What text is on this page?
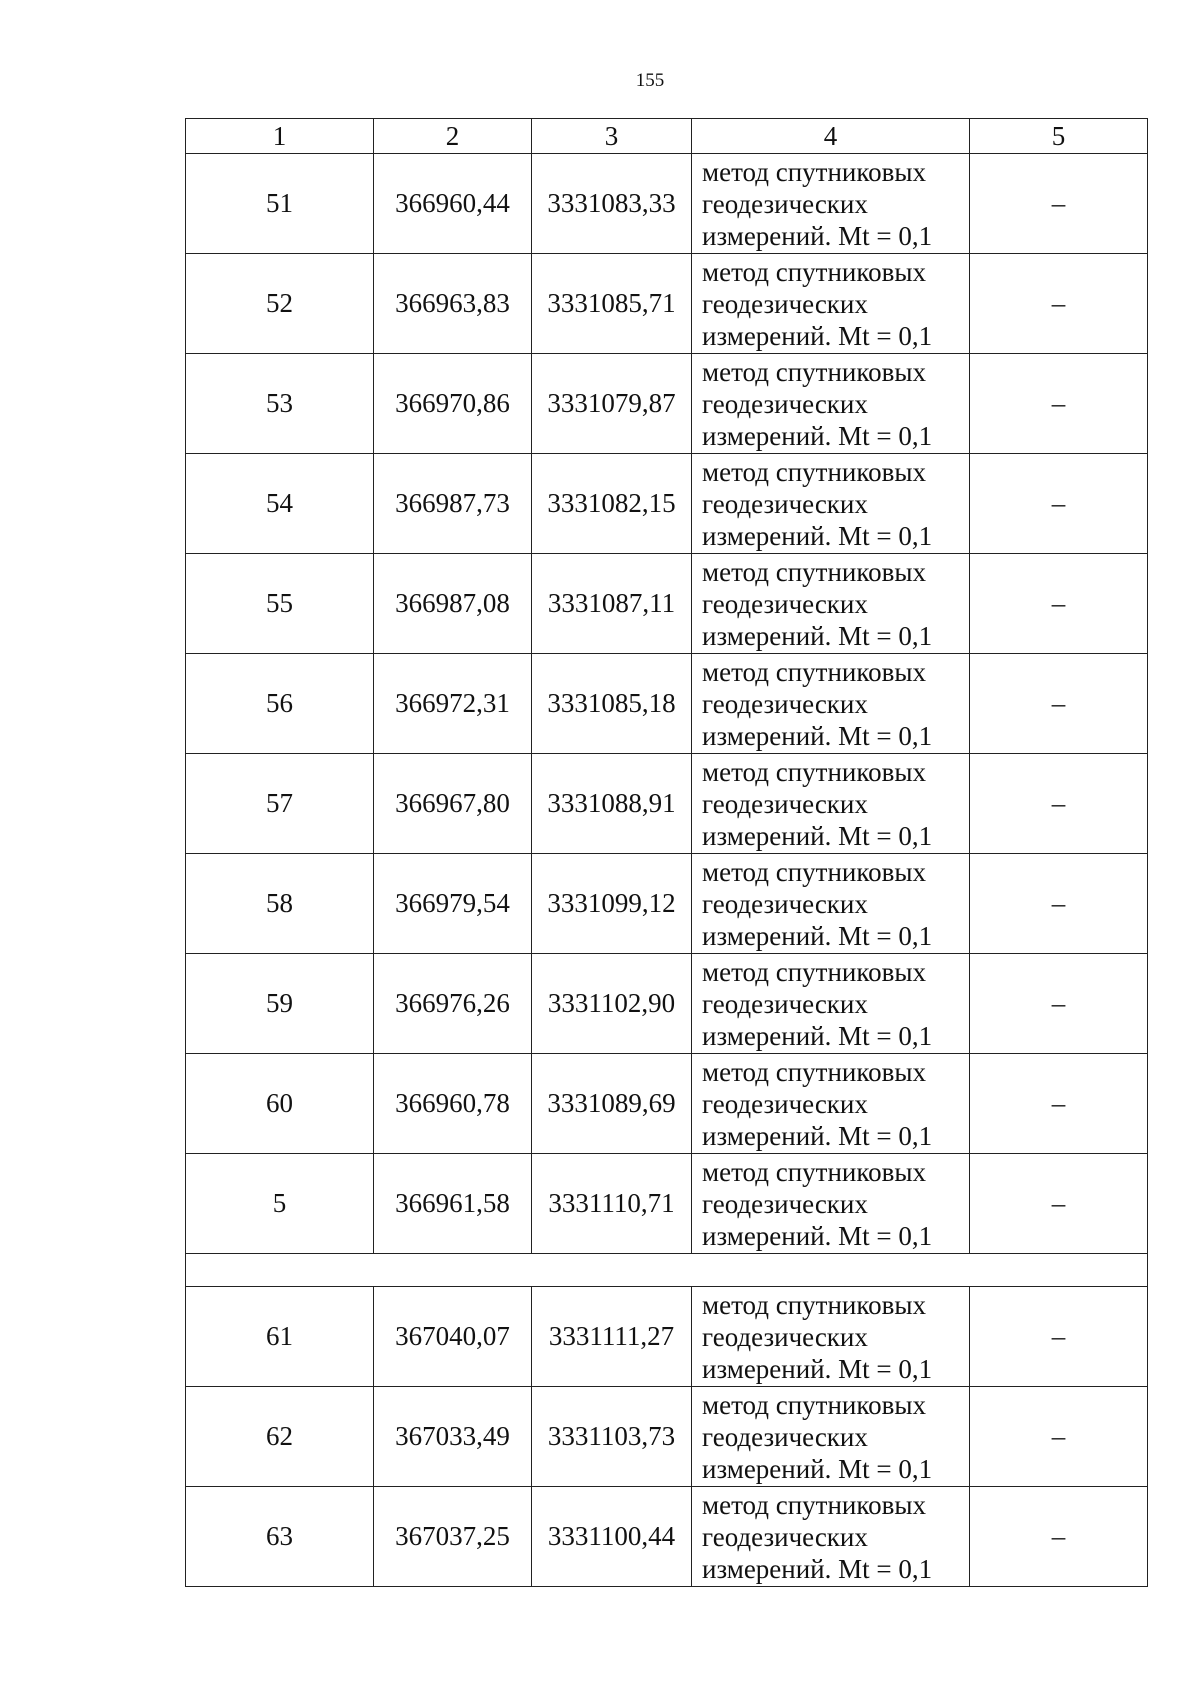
155
1	2	3	4	5
51	366960,44	3331083,33	метод спутниковых
геодезических
измерений. Mt = 0,1	–
52	366963,83	3331085,71	метод спутниковых
геодезических
измерений. Mt = 0,1	–
53	366970,86	3331079,87	метод спутниковых
геодезических
измерений. Mt = 0,1	–
54	366987,73	3331082,15	метод спутниковых
геодезических
измерений. Mt = 0,1	–
55	366987,08	3331087,11	метод спутниковых
геодезических
измерений. Mt = 0,1	–
56	366972,31	3331085,18	метод спутниковых
геодезических
измерений. Mt = 0,1	–
57	366967,80	3331088,91	метод спутниковых
геодезических
измерений. Mt = 0,1	–
58	366979,54	3331099,12	метод спутниковых
геодезических
измерений. Mt = 0,1	–
59	366976,26	3331102,90	метод спутниковых
геодезических
измерений. Mt = 0,1	–
60	366960,78	3331089,69	метод спутниковых
геодезических
измерений. Mt = 0,1	–
5	366961,58	3331110,71	метод спутниковых
геодезических
измерений. Mt = 0,1	–

61	367040,07	3331111,27	метод спутниковых
геодезических
измерений. Mt = 0,1	–
62	367033,49	3331103,73	метод спутниковых
геодезических
измерений. Mt = 0,1	–
63	367037,25	3331100,44	метод спутниковых
геодезических
измерений. Mt = 0,1	–
